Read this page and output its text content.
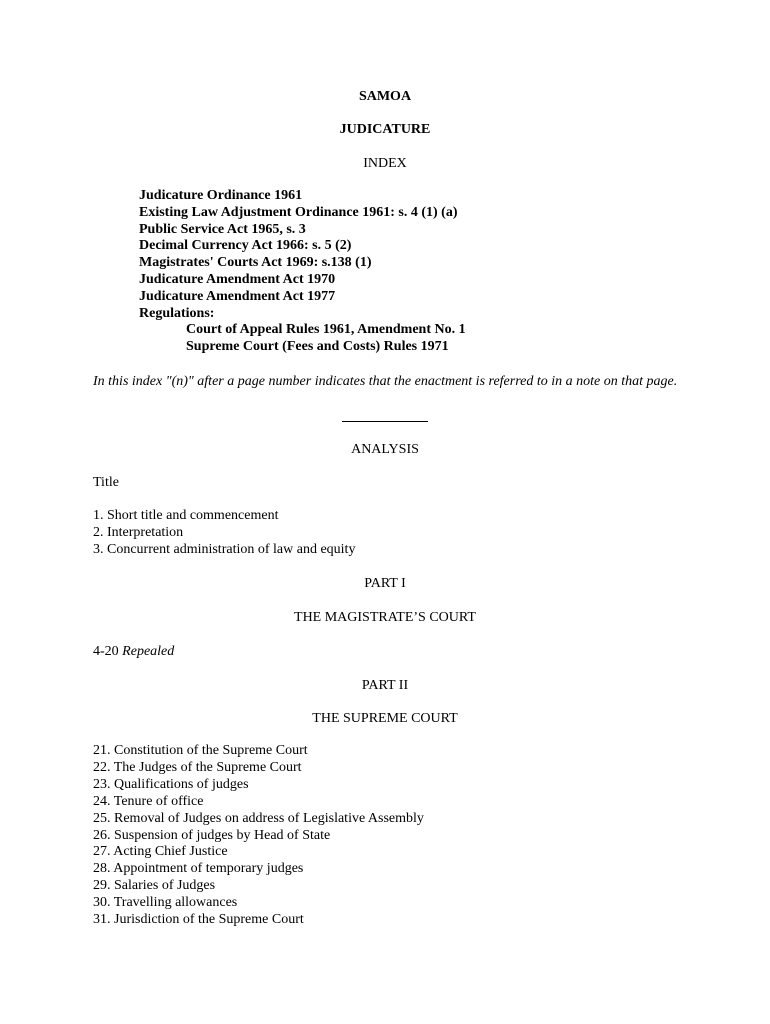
SAMOA
JUDICATURE
INDEX
Judicature Ordinance 1961
Existing Law Adjustment Ordinance 1961: s. 4 (1) (a)
Public Service Act 1965, s. 3
Decimal Currency Act 1966: s. 5 (2)
Magistrates' Courts Act 1969: s.138 (1)
Judicature Amendment Act 1970
Judicature Amendment Act 1977
Regulations:
Court of Appeal Rules 1961, Amendment No. 1
Supreme Court (Fees and Costs) Rules 1971
In this index "(n)" after a page number indicates that the enactment is referred to in a note on that page.
ANALYSIS
Title
1. Short title and commencement
2. Interpretation
3. Concurrent administration of law and equity
PART I
THE MAGISTRATE’S COURT
4-20 Repealed
PART II
THE SUPREME COURT
21. Constitution of the Supreme Court
22. The Judges of the Supreme Court
23. Qualifications of judges
24. Tenure of office
25. Removal of Judges on address of Legislative Assembly
26. Suspension of judges by Head of State
27. Acting Chief Justice
28. Appointment of temporary judges
29. Salaries of Judges
30. Travelling allowances
31. Jurisdiction of the Supreme Court
